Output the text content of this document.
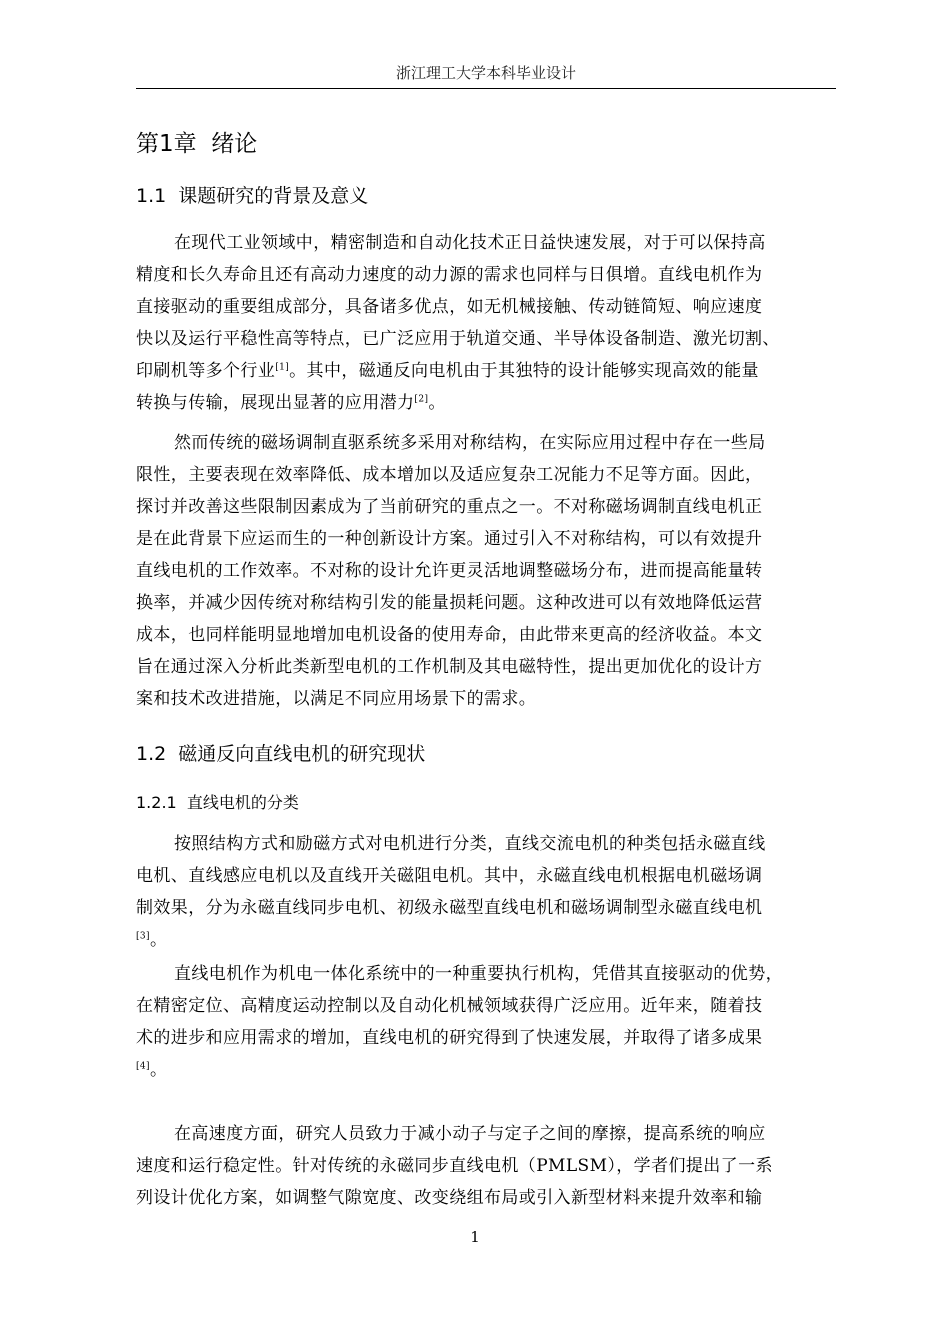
浙江理工大学本科毕业设计
第1章  绪论
1.1  课题研究的背景及意义
在现代工业领域中，精密制造和自动化技术正日益快速发展，对于可以保持高
精度和长久寿命且还有高动力速度的动力源的需求也同样与日俱增。直线电机作为
直接驱动的重要组成部分，具备诸多优点，如无机械接触、传动链简短、响应速度
快以及运行平稳性高等特点，已广泛应用于轨道交通、半导体设备制造、激光切割、
印刷机等多个行业[1]。其中，磁通反向电机由于其独特的设计能够实现高效的能量
转换与传输，展现出显著的应用潜力[2]。
然而传统的磁场调制直驱系统多采用对称结构，在实际应用过程中存在一些局
限性，主要表现在效率降低、成本增加以及适应复杂工况能力不足等方面。因此，
探讨并改善这些限制因素成为了当前研究的重点之一。不对称磁场调制直线电机正
是在此背景下应运而生的一种创新设计方案。通过引入不对称结构，可以有效提升
直线电机的工作效率。不对称的设计允许更灵活地调整磁场分布，进而提高能量转
换率，并减少因传统对称结构引发的能量损耗问题。这种改进可以有效地降低运营
成本，也同样能明显地增加电机设备的使用寿命，由此带来更高的经济收益。本文
旨在通过深入分析此类新型电机的工作机制及其电磁特性，提出更加优化的设计方
案和技术改进措施，以满足不同应用场景下的需求。
1.2  磁通反向直线电机的研究现状
1.2.1  直线电机的分类
按照结构方式和励磁方式对电机进行分类，直线交流电机的种类包括永磁直线
电机、直线感应电机以及直线开关磁阻电机。其中，永磁直线电机根据电机磁场调
制效果，分为永磁直线同步电机、初级永磁型直线电机和磁场调制型永磁直线电机
[3]。
直线电机作为机电一体化系统中的一种重要执行机构，凭借其直接驱动的优势，
在精密定位、高精度运动控制以及自动化机械领域获得广泛应用。近年来，随着技
术的进步和应用需求的增加，直线电机的研究得到了快速发展，并取得了诸多成果
[4]。
在高速度方面，研究人员致力于减小动子与定子之间的摩擦，提高系统的响应
速度和运行稳定性。针对传统的永磁同步直线电机（PMLSM），学者们提出了一系
列设计优化方案，如调整气隙宽度、改变绕组布局或引入新型材料来提升效率和输
1
